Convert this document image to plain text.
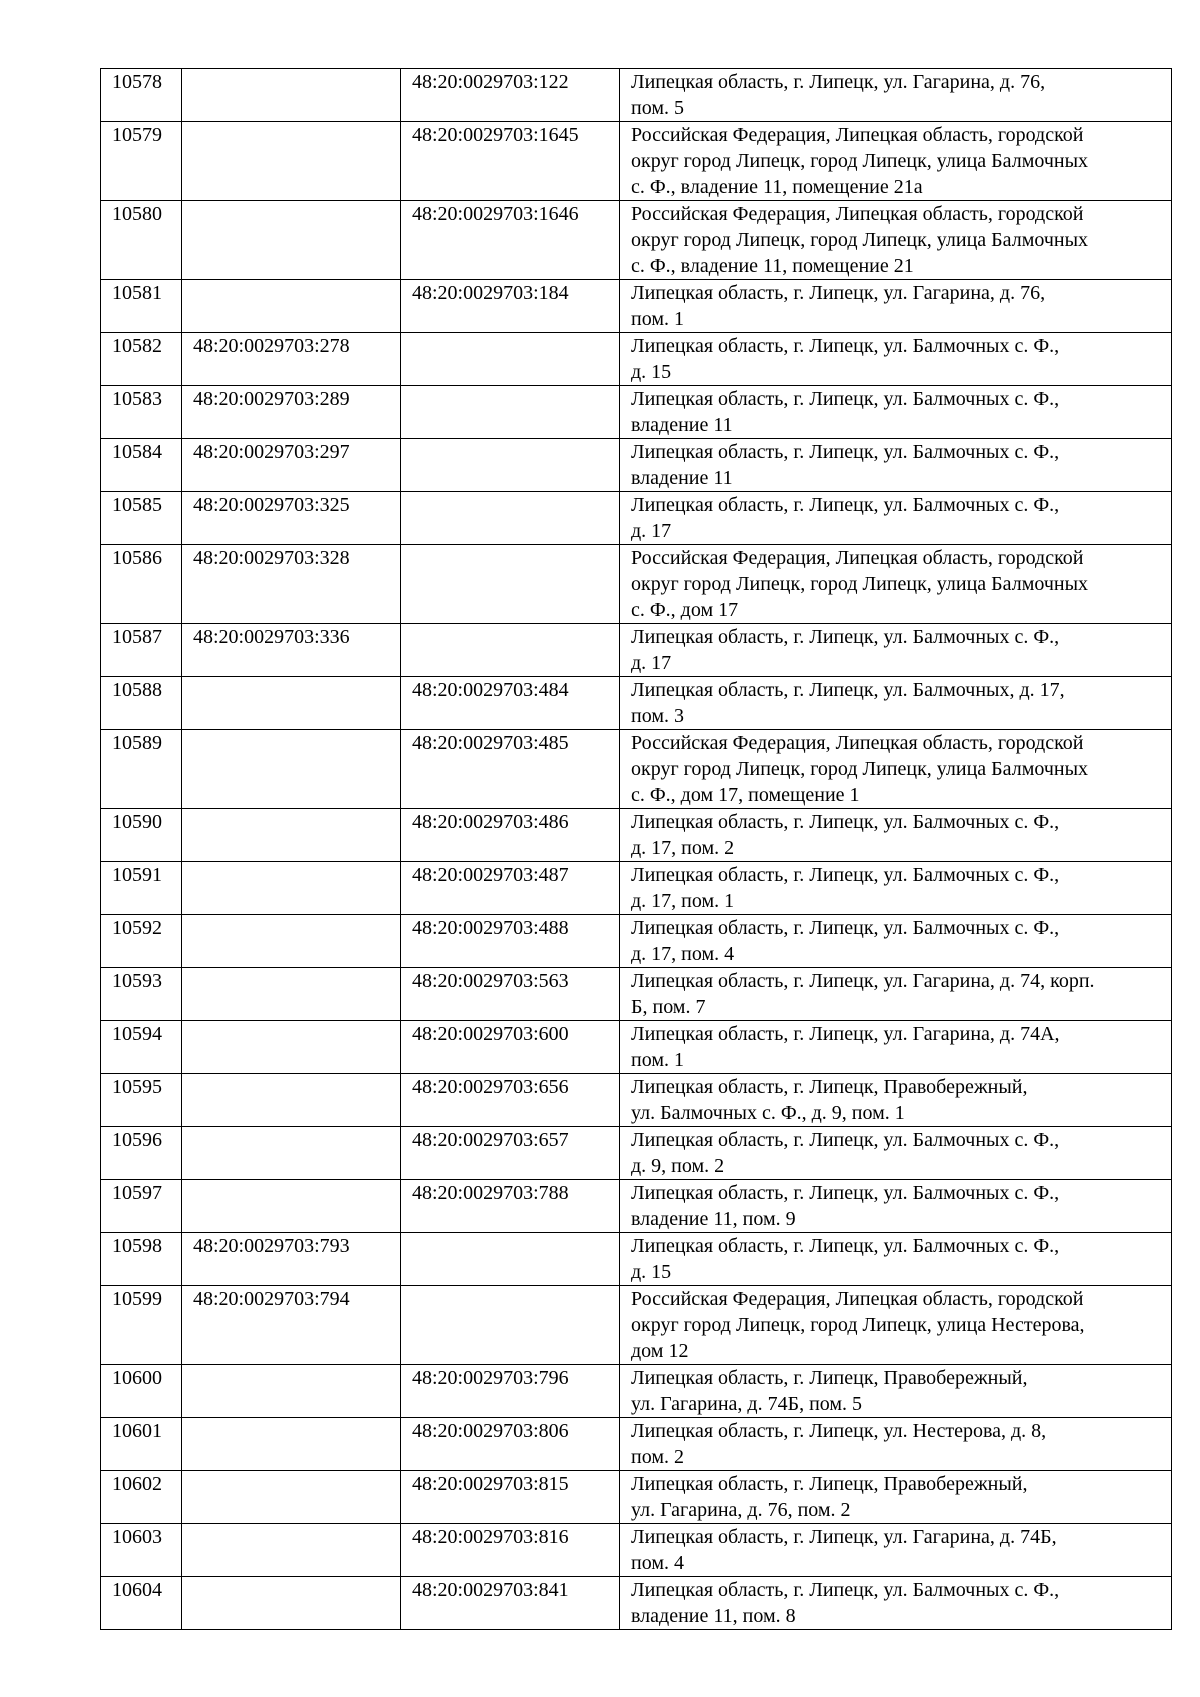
10578		48:20:0029703:122	Липецкая область, г. Липецк, ул. Гагарина, д. 76,
пом. 5
10579		48:20:0029703:1645	Российская Федерация, Липецкая область, городской
округ город Липецк, город Липецк, улица Балмочных
с. Ф., владение 11, помещение 21а
10580		48:20:0029703:1646	Российская Федерация, Липецкая область, городской
округ город Липецк, город Липецк, улица Балмочных
с. Ф., владение 11, помещение 21
10581		48:20:0029703:184	Липецкая область, г. Липецк, ул. Гагарина, д. 76,
пом. 1
10582	48:20:0029703:278		Липецкая область, г. Липецк, ул. Балмочных с. Ф.,
д. 15
10583	48:20:0029703:289		Липецкая область, г. Липецк, ул. Балмочных с. Ф.,
владение 11
10584	48:20:0029703:297		Липецкая область, г. Липецк, ул. Балмочных с. Ф.,
владение 11
10585	48:20:0029703:325		Липецкая область, г. Липецк, ул. Балмочных с. Ф.,
д. 17
10586	48:20:0029703:328		Российская Федерация, Липецкая область, городской
округ город Липецк, город Липецк, улица Балмочных
с. Ф., дом 17
10587	48:20:0029703:336		Липецкая область, г. Липецк, ул. Балмочных с. Ф.,
д. 17
10588		48:20:0029703:484	Липецкая область, г. Липецк, ул. Балмочных, д. 17,
пом. 3
10589		48:20:0029703:485	Российская Федерация, Липецкая область, городской
округ город Липецк, город Липецк, улица Балмочных
с. Ф., дом 17, помещение 1
10590		48:20:0029703:486	Липецкая область, г. Липецк, ул. Балмочных с. Ф.,
д. 17, пом. 2
10591		48:20:0029703:487	Липецкая область, г. Липецк, ул. Балмочных с. Ф.,
д. 17, пом. 1
10592		48:20:0029703:488	Липецкая область, г. Липецк, ул. Балмочных с. Ф.,
д. 17, пом. 4
10593		48:20:0029703:563	Липецкая область, г. Липецк, ул. Гагарина, д. 74, корп.
Б, пом. 7
10594		48:20:0029703:600	Липецкая область, г. Липецк, ул. Гагарина, д. 74А,
пом. 1
10595		48:20:0029703:656	Липецкая область, г. Липецк, Правобережный,
ул. Балмочных с. Ф., д. 9, пом. 1
10596		48:20:0029703:657	Липецкая область, г. Липецк, ул. Балмочных с. Ф.,
д. 9, пом. 2
10597		48:20:0029703:788	Липецкая область, г. Липецк, ул. Балмочных с. Ф.,
владение 11, пом. 9
10598	48:20:0029703:793		Липецкая область, г. Липецк, ул. Балмочных с. Ф.,
д. 15
10599	48:20:0029703:794		Российская Федерация, Липецкая область, городской
округ город Липецк, город Липецк, улица Нестерова,
дом 12
10600		48:20:0029703:796	Липецкая область, г. Липецк, Правобережный,
ул. Гагарина, д. 74Б, пом. 5
10601		48:20:0029703:806	Липецкая область, г. Липецк, ул. Нестерова, д. 8,
пом. 2
10602		48:20:0029703:815	Липецкая область, г. Липецк, Правобережный,
ул. Гагарина, д. 76, пом. 2
10603		48:20:0029703:816	Липецкая область, г. Липецк, ул. Гагарина, д. 74Б,
пом. 4
10604		48:20:0029703:841	Липецкая область, г. Липецк, ул. Балмочных с. Ф.,
владение 11, пом. 8
